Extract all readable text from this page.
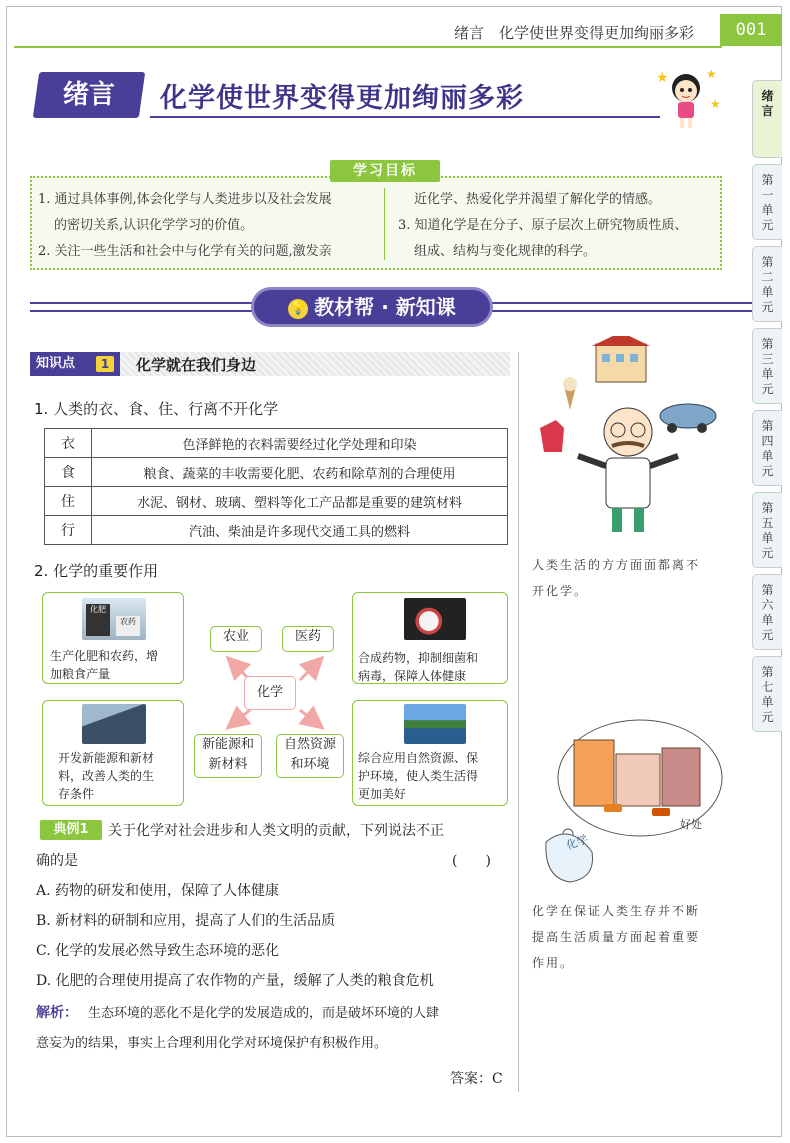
绪言　化学使世界变得更加绚丽多彩	001
绪言	化学使世界变得更加绚丽多彩
★	★
★
学习目标
1. 通过具体事例,体会化学与人类进步以及社会发展
的密切关系,认识化学学习的价值。
2. 关注一些生活和社会中与化学有关的问题,激发亲
近化学、热爱化学并渴望了解化学的情感。
3. 知道化学是在分子、原子层次上研究物质性质、
组成、结构与变化规律的科学。
💡 教材帮 · 新知课
知识点	1	化学就在我们身边
1. 人类的衣、食、住、行离不开化学
衣	色泽鲜艳的衣料需要经过化学处理和印染
食	粮食、蔬菜的丰收需要化肥、农药和除草剂的合理使用
住	水泥、钢材、玻璃、塑料等化工产品都是重要的建筑材料
行	汽油、柴油是许多现代交通工具的燃料
2. 化学的重要作用
化肥
农药
生产化肥和农药，增
加粮食产量
合成药物，抑制细菌和
病毒，保障人体健康
开发新能源和新材
料，改善人类的生
存条件
综合应用自然资源、保
护环境，使人类生活得
更加美好
农业	医药
化学
新能源和
新材料
自然资源
和环境
典例1	关于化学对社会进步和人类文明的贡献，下列说法不正
确的是	(　　)
A. 药物的研发和使用，保障了人体健康
B. 新材料的研制和应用，提高了人们的生活品质
C. 化学的发展必然导致生态环境的恶化
D. 化肥的合理使用提高了农作物的产量，缓解了人类的粮食危机
解析： 生态环境的恶化不是化学的发展造成的，而是破坏环境的人肆
意妄为的结果，事实上合理利用化学对环境保护有积极作用。
答案：C
人类生活的方方面面都离不
开化学。
化学
好处
化学在保证人类生存并不断
提高生活质量方面起着重要
作用。
绪
言
第
一
单
元
第
二
单
元
第
三
单
元
第
四
单
元
第
五
单
元
第
六
单
元
第
七
单
元
